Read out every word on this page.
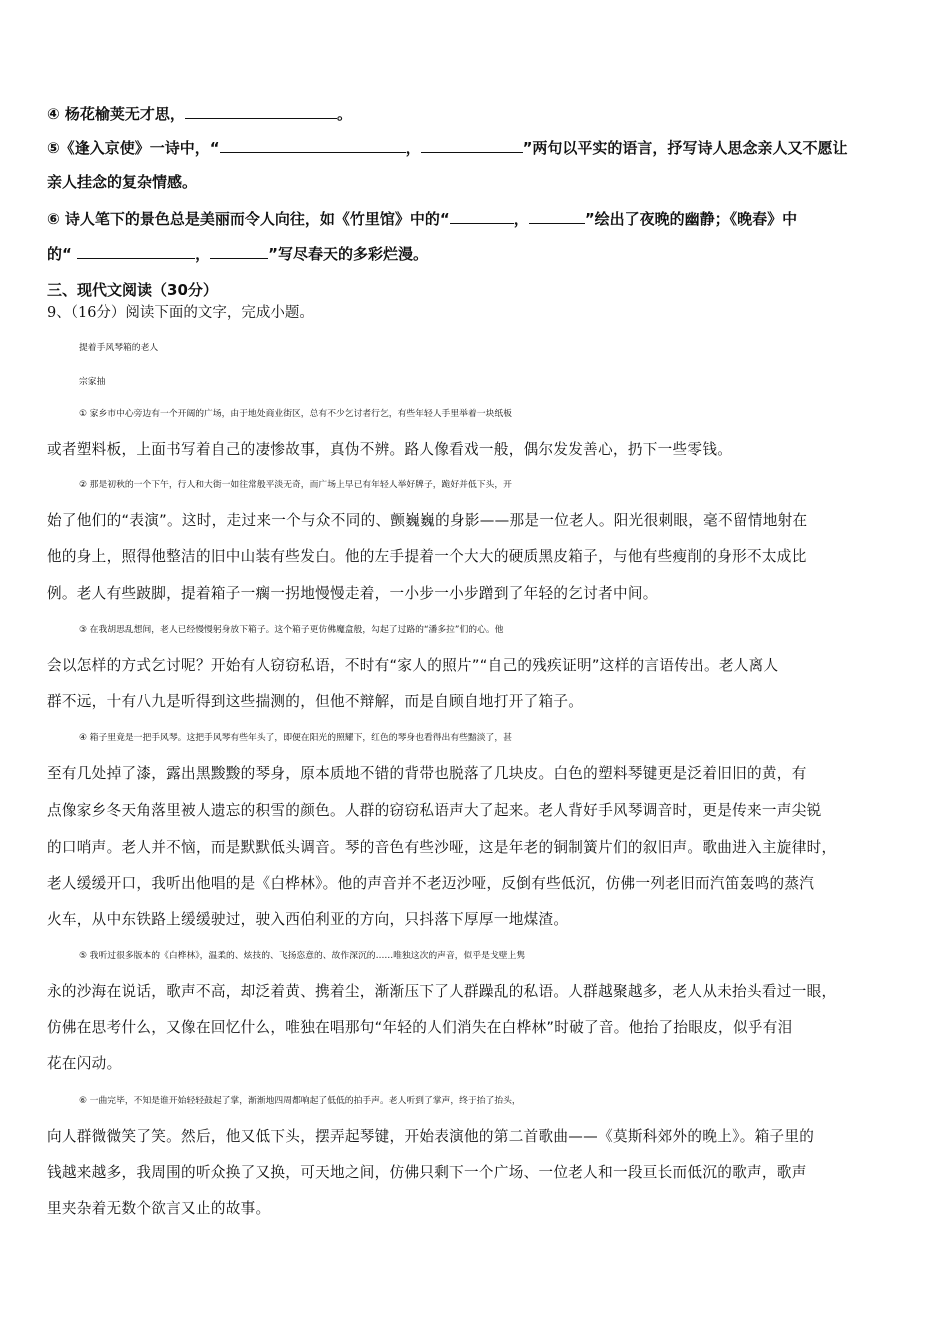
④ 杨花榆荚无才思，	。
⑤《逢入京使》一诗中，“	，	”两句以平实的语言，抒写诗人思念亲人又不愿让
亲人挂念的复杂情感。
⑥ 诗人笔下的景色总是美丽而令人向往，如《竹里馆》中的“	，	”绘出了夜晚的幽静；《晚春》中
的“	，	”写尽春天的多彩烂漫。
三、现代文阅读（30分）
9、（16分）阅读下面的文字，完成小题。
提着手风琴箱的老人
宗家抽
① 家乡市中心旁边有一个开阔的广场，由于地处商业街区，总有不少乞讨者行乞，有些年轻人手里举着一块纸板
或者塑料板，上面书写着自己的凄惨故事，真伪不辨。路人像看戏一般，偶尔发发善心，扔下一些零钱。
② 那是初秋的一个下午，行人和大街一如往常般平淡无奇，而广场上早已有年轻人举好牌子，跪好并低下头，开
始了他们的“表演”。这时，走过来一个与众不同的、颤巍巍的身影——那是一位老人。阳光很刺眼，毫不留情地射在
他的身上，照得他整洁的旧中山装有些发白。他的左手提着一个大大的硬质黑皮箱子，与他有些瘦削的身形不太成比
例。老人有些跛脚，提着箱子一瘸一拐地慢慢走着，一小步一小步蹭到了年轻的乞讨者中间。
③ 在我胡思乱想间，老人已经慢慢躬身放下箱子。这个箱子更仿佛魔盒般，勾起了过路的“潘多拉”们的心。他
会以怎样的方式乞讨呢？开始有人窃窃私语，不时有“家人的照片”“自己的残疾证明”这样的言语传出。老人离人
群不远，十有八九是听得到这些揣测的，但他不辩解，而是自顾自地打开了箱子。
④ 箱子里竟是一把手风琴。这把手风琴有些年头了，即便在阳光的照耀下，红色的琴身也看得出有些黯淡了，甚
至有几处掉了漆，露出黑黢黢的琴身，原本质地不错的背带也脱落了几块皮。白色的塑料琴键更是泛着旧旧的黄，有
点像家乡冬天角落里被人遗忘的积雪的颜色。人群的窃窃私语声大了起来。老人背好手风琴调音时，更是传来一声尖锐
的口哨声。老人并不恼，而是默默低头调音。琴的音色有些沙哑，这是年老的铜制簧片们的叙旧声。歌曲进入主旋律时，
老人缓缓开口，我听出他唱的是《白桦林》。他的声音并不老迈沙哑，反倒有些低沉，仿佛一列老旧而汽笛轰鸣的蒸汽
火车，从中东铁路上缓缓驶过，驶入西伯利亚的方向，只抖落下厚厚一地煤渣。
⑤ 我听过很多版本的《白桦林》，温柔的、炫技的、飞扬恣意的、故作深沉的……唯独这次的声音，似乎是戈壁上隽
永的沙海在说话，歌声不高，却泛着黄、携着尘，渐渐压下了人群躁乱的私语。人群越聚越多，老人从未抬头看过一眼，
仿佛在思考什么，又像在回忆什么，唯独在唱那句“年轻的人们消失在白桦林”时破了音。他抬了抬眼皮，似乎有泪
花在闪动。
⑥ 一曲完毕，不知是谁开始轻轻鼓起了掌，渐渐地四周都响起了低低的拍手声。老人听到了掌声，终于抬了抬头，
向人群微微笑了笑。然后，他又低下头，摆弄起琴键，开始表演他的第二首歌曲——《莫斯科郊外的晚上》。箱子里的
钱越来越多，我周围的听众换了又换，可天地之间，仿佛只剩下一个广场、一位老人和一段亘长而低沉的歌声，歌声
里夹杂着无数个欲言又止的故事。
